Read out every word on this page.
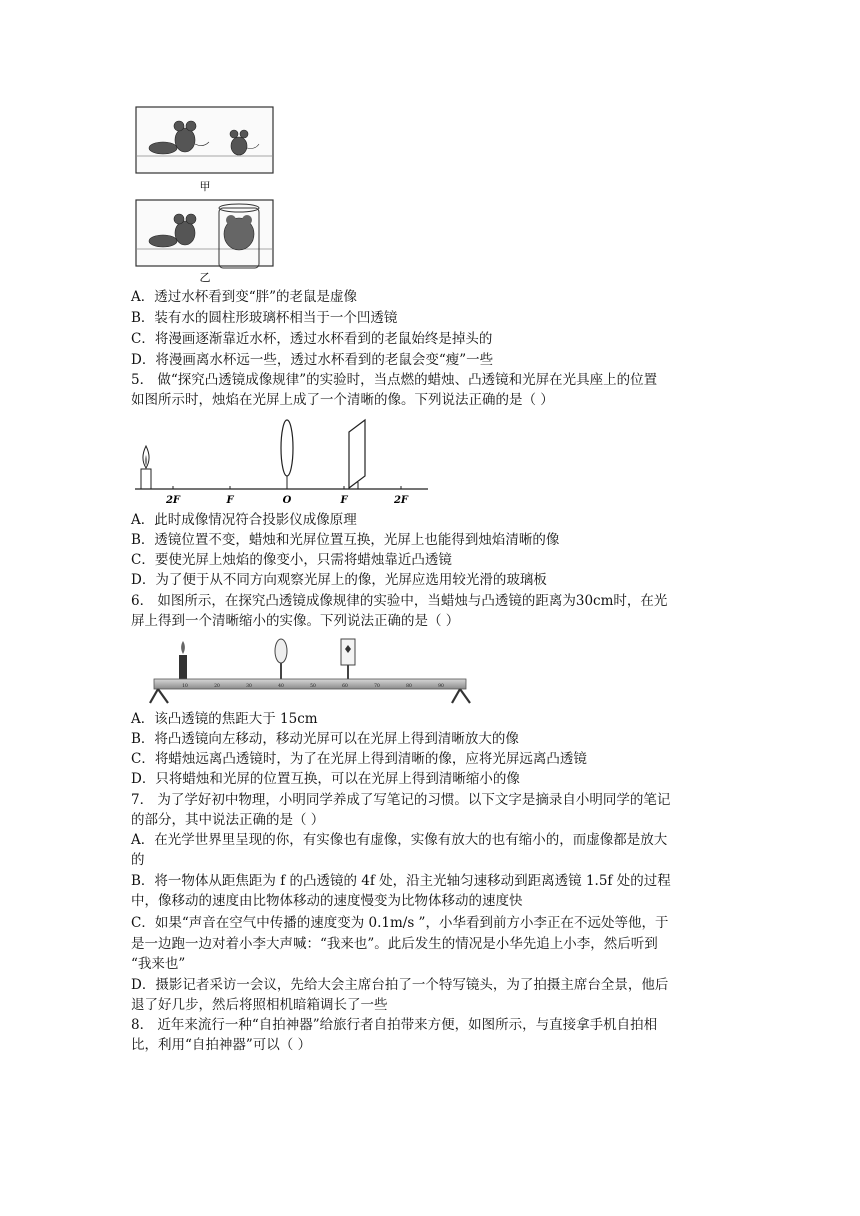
甲
乙
A．透过水杯看到变“胖”的老鼠是虚像
B．装有水的圆柱形玻璃杯相当于一个凹透镜
C．将漫画逐渐靠近水杯，透过水杯看到的老鼠始终是掉头的
D．将漫画离水杯远一些，透过水杯看到的老鼠会变“瘦”一些
5． 做“探究凸透镜成像规律”的实验时，当点燃的蜡烛、凸透镜和光屏在光具座上的位置
如图所示时，烛焰在光屏上成了一个清晰的像。下列说法正确的是（ ）
2F	F	O	F	2F
A．此时成像情况符合投影仪成像原理
B．透镜位置不变，蜡烛和光屏位置互换，光屏上也能得到烛焰清晰的像
C．要使光屏上烛焰的像变小，只需将蜡烛靠近凸透镜
D．为了便于从不同方向观察光屏上的像，光屏应选用较光滑的玻璃板
6． 如图所示，在探究凸透镜成像规律的实验中，当蜡烛与凸透镜的距离为30cm时，在光
屏上得到一个清晰缩小的实像。下列说法正确的是（ ）
10	20	30	40	50	60	70	80	90
A．该凸透镜的焦距大于 15cm
B．将凸透镜向左移动，移动光屏可以在光屏上得到清晰放大的像
C．将蜡烛远离凸透镜时，为了在光屏上得到清晰的像，应将光屏远离凸透镜
D．只将蜡烛和光屏的位置互换，可以在光屏上得到清晰缩小的像
7． 为了学好初中物理，小明同学养成了写笔记的习惯。以下文字是摘录自小明同学的笔记
的部分，其中说法正确的是（ ）
A．在光学世界里呈现的你，有实像也有虚像，实像有放大的也有缩小的，而虚像都是放大
的
B．将一物体从距焦距为 f 的凸透镜的 4f 处，沿主光轴匀速移动到距离透镜 1.5f 处的过程
中，像移动的速度由比物体移动的速度慢变为比物体移动的速度快
C．如果“声音在空气中传播的速度变为 0.1m/s ”，小华看到前方小李正在不远处等他，于
是一边跑一边对着小李大声喊：“我来也”。此后发生的情况是小华先追上小李，然后听到
“我来也”
D．摄影记者采访一会议，先给大会主席台拍了一个特写镜头，为了拍摄主席台全景，他后
退了好几步，然后将照相机暗箱调长了一些
8． 近年来流行一种“自拍神器”给旅行者自拍带来方便，如图所示，与直接拿手机自拍相
比，利用“自拍神器”可以（ ）
